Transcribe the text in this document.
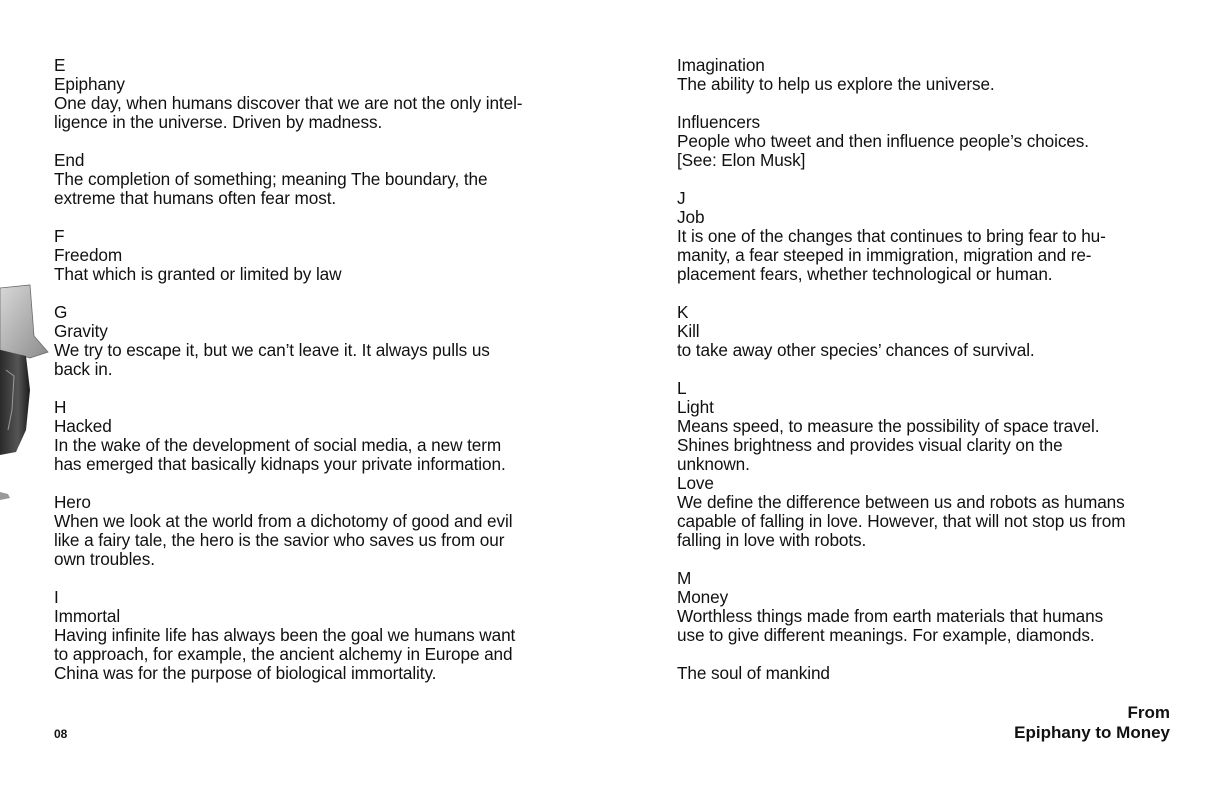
E
Epiphany
One day, when humans discover that we are not the only intel-
ligence in the universe. Driven by madness.
End
The completion of something; meaning The boundary, the
extreme that humans often fear most.
F
Freedom
That which is granted or limited by law
G
Gravity
We try to escape it, but we can’t leave it. It always pulls us
back in.
H
Hacked
In the wake of the development of social media, a new term
has emerged that basically kidnaps your private information.
Hero
When we look at the world from a dichotomy of good and evil
like a fairy tale, the hero is the savior who saves us from our
own troubles.
I
Immortal
Having infinite life has always been the goal we humans want
to approach, for example, the ancient alchemy in Europe and
China was for the purpose of biological immortality.
Imagination
The ability to help us explore the universe.
Influencers
People who tweet and then influence people’s choices.
[See: Elon Musk]
J
Job
It is one of the changes that continues to bring fear to hu-
manity, a fear steeped in immigration, migration and re-
placement fears, whether technological or human.
K
Kill
to take away other species’ chances of survival.
L
Light
Means speed, to measure the possibility of space travel.
Shines brightness and provides visual clarity on the
unknown.
Love
We define the difference between us and robots as humans
capable of falling in love. However, that will not stop us from
falling in love with robots.
M
Money
Worthless things made from earth materials that humans
use to give different meanings. For example, diamonds.
The soul of mankind
08
From
Epiphany to Money
